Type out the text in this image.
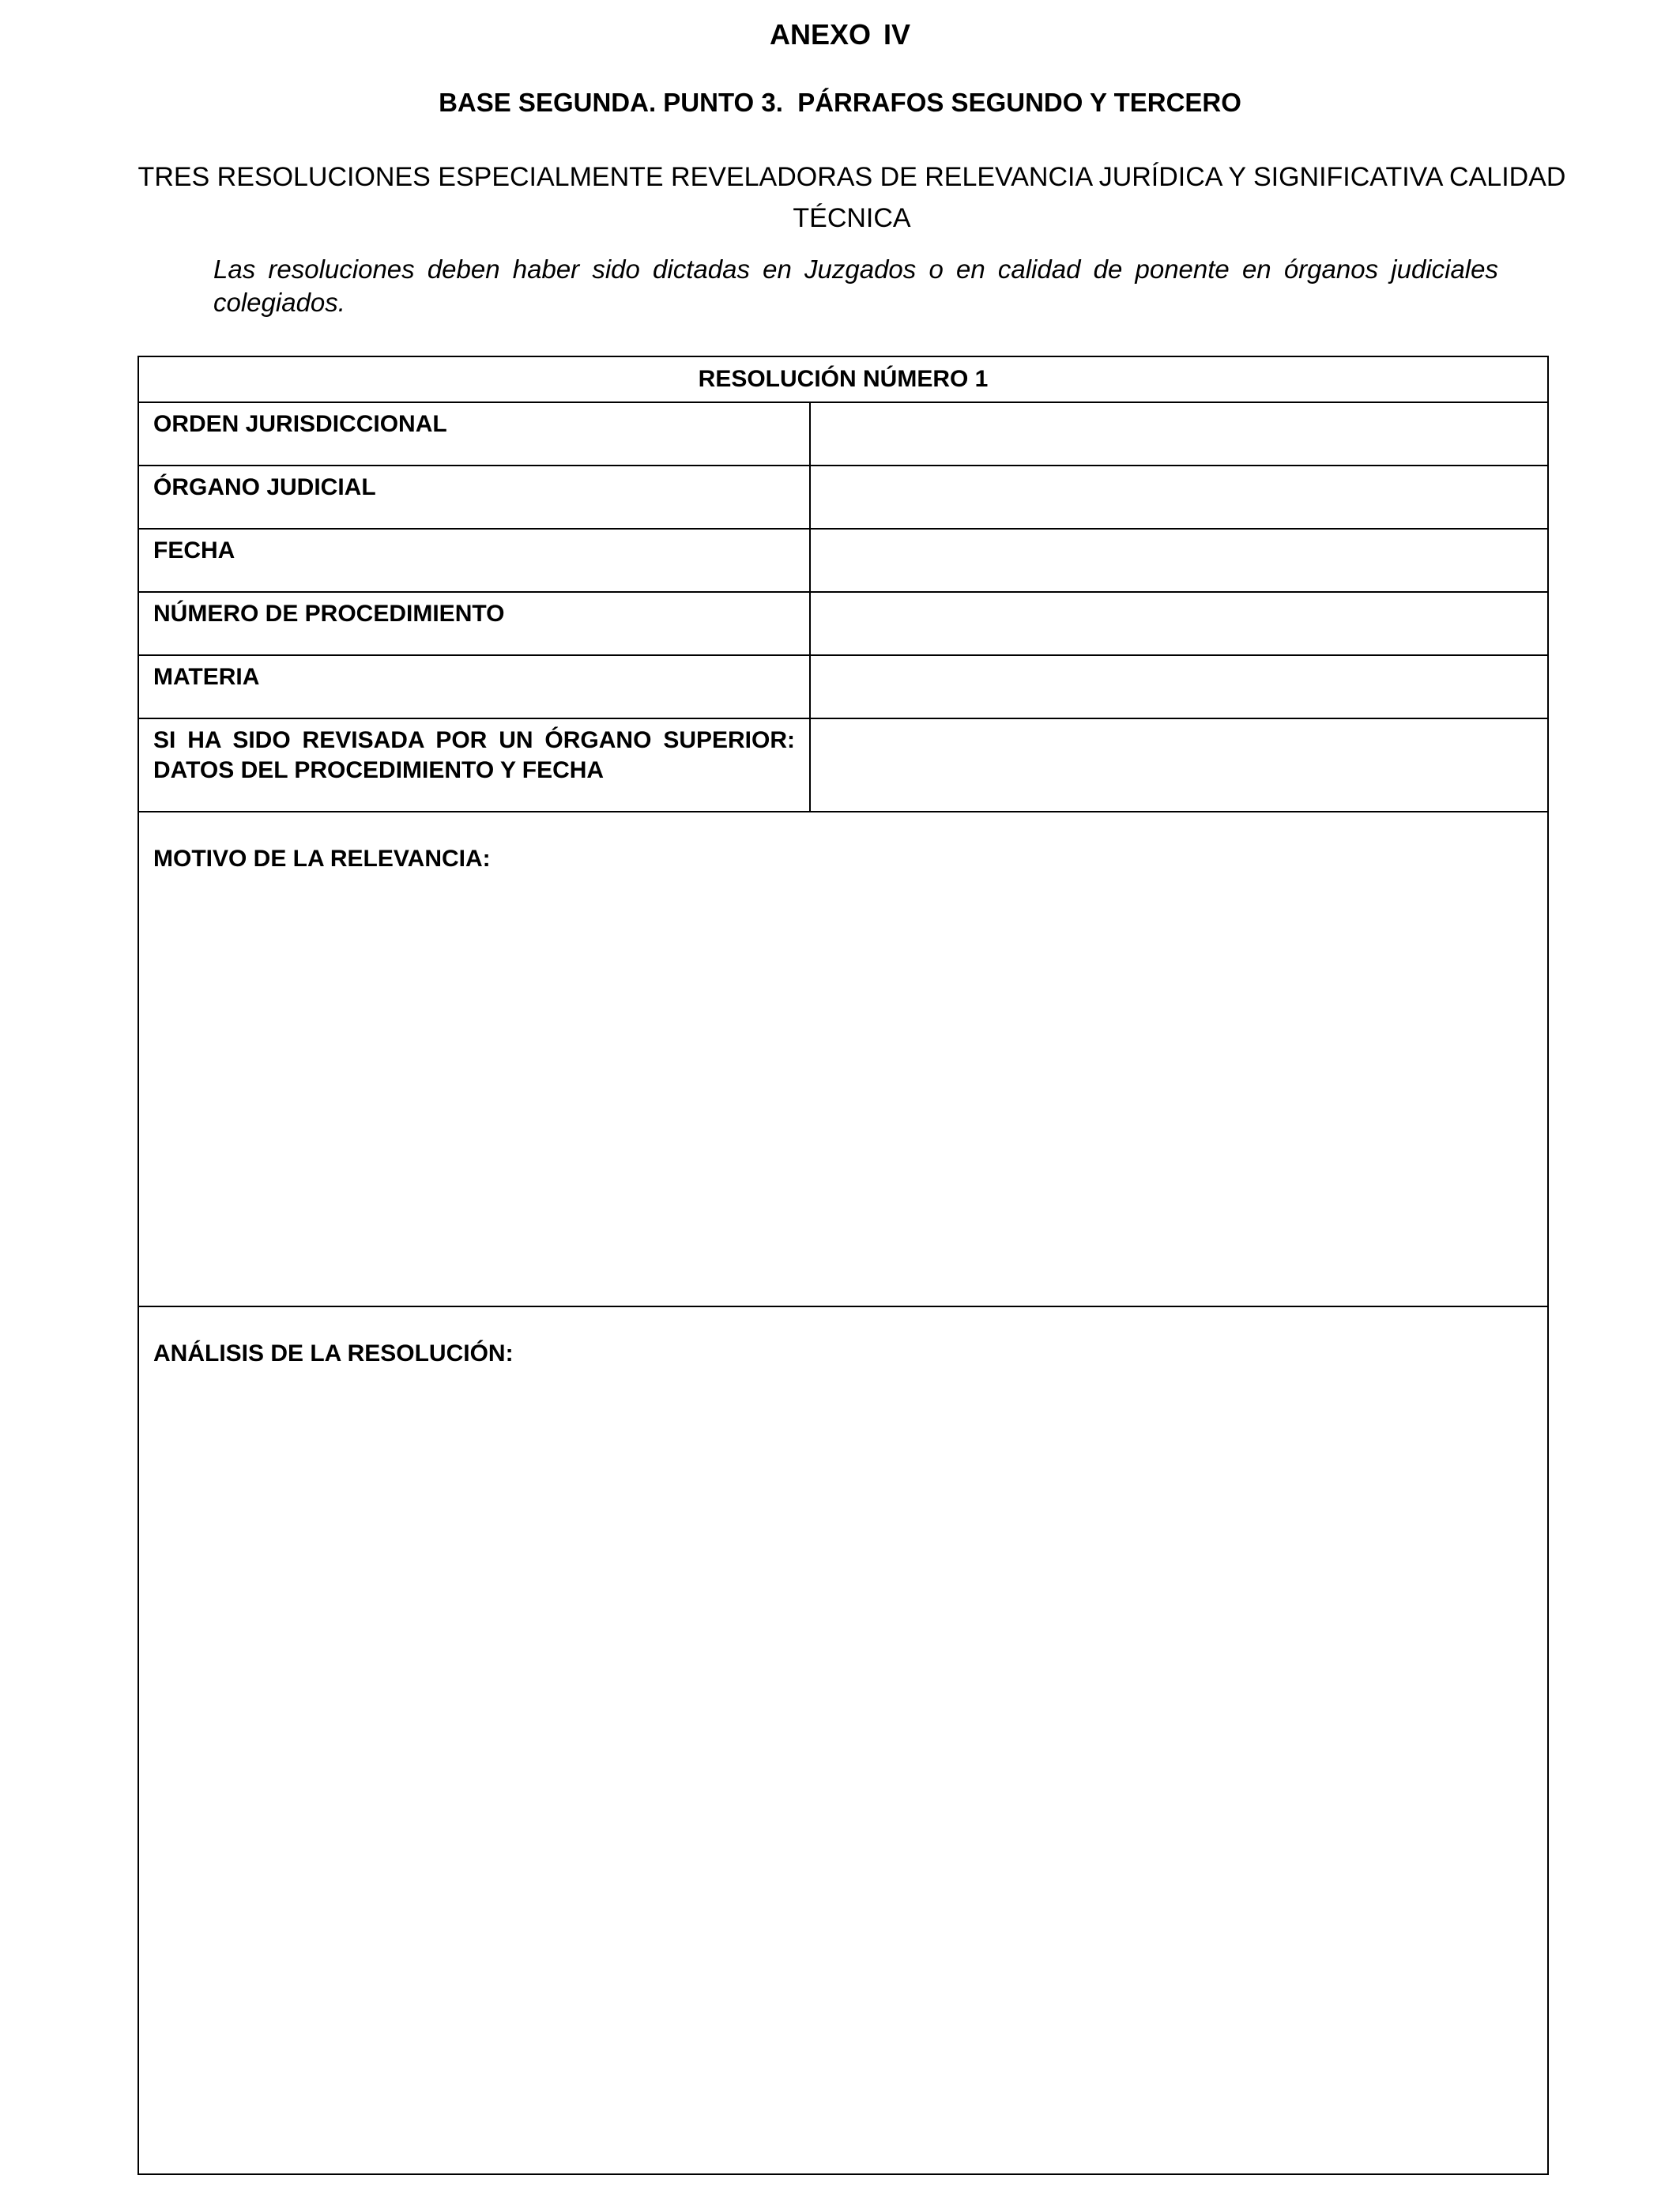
ANEXO IV
BASE SEGUNDA. PUNTO 3.  PÁRRAFOS SEGUNDO Y TERCERO
TRES RESOLUCIONES ESPECIALMENTE REVELADORAS DE RELEVANCIA JURÍDICA Y SIGNIFICATIVA CALIDAD TÉCNICA
Las resoluciones deben haber sido dictadas en Juzgados o en calidad de ponente en órganos judiciales colegiados.
RESOLUCIÓN NÚMERO 1	
ORDEN JURISDICCIONAL	
ÓRGANO JUDICIAL	
FECHA	
NÚMERO DE PROCEDIMIENTO	
MATERIA	
SI HA SIDO REVISADA POR UN ÓRGANO SUPERIOR: DATOS DEL PROCEDIMIENTO Y FECHA	

MOTIVO DE LA RELEVANCIA:	

ANÁLISIS DE LA RESOLUCIÓN:	
